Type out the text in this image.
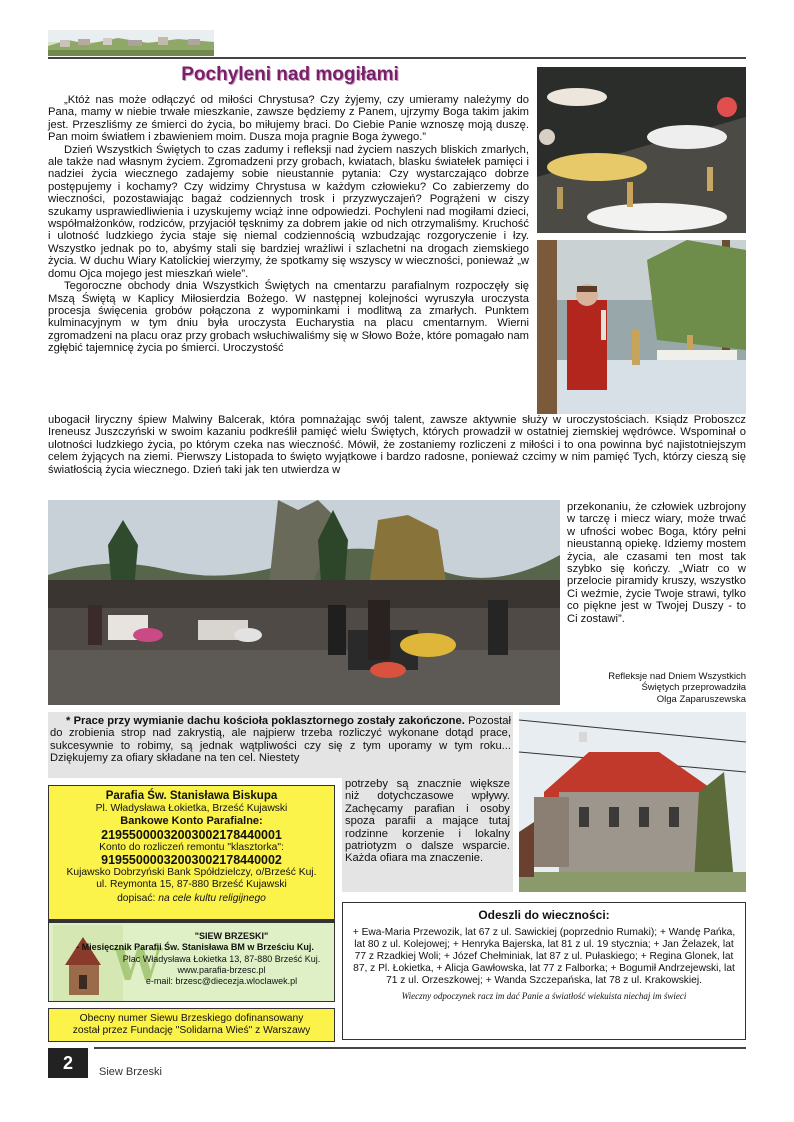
Pochyleni nad mogiłami

„Któż nas może odłączyć od miłości Chrystusa? Czy żyjemy, czy umieramy należymy do Pana, mamy w niebie trwałe mieszkanie, zawsze będziemy z Panem, ujrzymy Boga takim jakim jest. Przeszliśmy ze śmierci do życia, bo miłujemy braci. Do Ciebie Panie wznoszę moją duszę. Pan moim światłem i zbawieniem moim. Dusza moja pragnie Boga żywego.”

Dzień Wszystkich Świętych to czas zadumy i refleksji nad życiem naszych bliskich zmarłych, ale także nad własnym życiem. Zgromadzeni przy grobach, kwiatach, blasku światełek pamięci i nadziei życia wiecznego zadajemy sobie nieustannie pytania: Czy wystarczająco dobrze postępujemy i kochamy? Czy widzimy Chrystusa w każdym człowieku? Co zabierzemy do wieczności, pozostawiając bagaż codziennych trosk i przyzwyczajeń? Pogrążeni w ciszy szukamy usprawiedliwienia i uzyskujemy wciąż inne odpowiedzi. Pochyleni nad mogiłami dzieci, współmałżonków, rodziców, przyjaciół tęsknimy za dobrem jakie od nich otrzymaliśmy. Kruchość i ulotność ludzkiego życia staje się niemal codziennością wzbudzając rozgoryczenie i łzy. Wszystko jednak po to, abyśmy stali się bardziej wrażliwi i szlachetni na drogach ziemskiego życia. W duchu Wiary Katolickiej wierzymy, że spotkamy się wszyscy w wieczności, ponieważ „w domu Ojca mojego jest mieszkań wiele”.

Tegoroczne obchody dnia Wszystkich Świętych na cmentarzu parafialnym rozpoczęły się Mszą Świętą w Kaplicy Miłosierdzia Bożego. W następnej kolejności wyruszyła uroczysta procesja święcenia grobów połączona z wypominkami i modlitwą za zmarłych. Punktem kulminacyjnym w tym dniu była uroczysta Eucharystia na placu cmentarnym. Wierni zgromadzeni na placu oraz przy grobach wsłuchiwaliśmy się w Słowo Boże, które pomagało nam zgłębić tajemnicę życia po śmierci. Uroczystość

ubogacił liryczny śpiew Malwiny Balcerak, która pomnażając swój talent, zawsze aktywnie służy w uroczystościach. Ksiądz Proboszcz Ireneusz Juszczyński w swoim kazaniu podkreślił pamięć wielu Świętych, których prowadził w ostatniej ziemskiej wędrówce. Wspominał o ulotności ludzkiego życia, po którym czeka nas wieczność. Mówił, że zostaniemy rozliczeni z miłości i to ona powinna być najistotniejszym celem żyjących na ziemi. Pierwszy Listopada to święto wyjątkowe i bardzo radosne, ponieważ czcimy w nim pamięć Tych, którzy cieszą się światłością życia wiecznego. Dzień taki jak ten utwierdza w

przekonaniu, że człowiek uzbrojony w tarczę i miecz wiary, może trwać w ufności wobec Boga, który pełni nieustanną opiekę. Idziemy mostem życia, ale czasami ten most tak szybko się kończy. „Wiatr co w przelocie piramidy kruszy, wszystko Ci weźmie, życie Twoje strawi, tylko co piękne jest w Twojej Duszy - to Ci zostawi”.

Refleksje nad Dniem Wszystkich
Świętych przeprowadziła
Olga Zaparuszewska

* Prace przy wymianie dachu kościoła poklasztornego zostały zakończone. Pozostał do zrobienia strop nad zakrystią, ale najpierw trzeba rozliczyć wykonane dotąd prace, sukcesywnie to robimy, są jednak wątpliwości czy się z tym uporamy w tym roku... Dziękujemy za ofiary składane na ten cel. Niestety

potrzeby są znacznie większe niż dotychczasowe wpływy. Zachęcamy parafian i osoby spoza parafii a mające tutaj rodzinne korzenie i lokalny patriotyzm o dalsze wsparcie. Każda ofiara ma znaczenie.

Parafia Św. Stanisława Biskupa
Pl. Władysława Łokietka, Brześć Kujawski
Bankowe Konto Parafialne:
21955000032003002178440001
Konto do rozliczeń remontu "klasztorka":
91955000032003002178440002
Kujawsko Dobrzyński Bank Spółdzielczy, o/Brześć Kuj.
ul. Reymonta 15, 87-880 Brześć Kujawski
dopisać: na cele kultu religijnego
W
"SIEW BRZESKI"
- Miesięcznik Parafii Św. Stanisława BM w Brześciu Kuj.
Plac Władysława Łokietka 13, 87-880 Brześć Kuj.
www.parafia-brzesc.pl
e-mail: brzesc@diecezja.wloclawek.pl
Obecny numer Siewu Brzeskiego dofinansowany
został przez Fundację "Solidarna Wieś" z Warszawy
Odeszli do wieczności:
+ Ewa-Maria Przewozik, lat 67 z ul. Sawickiej (poprzednio Rumaki); + Wandę Pańka, lat 80 z ul. Kolejowej; + Henryka Bajerska, lat 81 z ul. 19 stycznia; + Jan Żelazek, lat 77 z Rzadkiej Woli; + Józef Chełminiak, lat 87 z ul. Pułaskiego; + Regina Glonek, lat 87, z Pl. Łokietka, + Alicja Gawłowska, lat 77 z Falborka; + Bogumił Andrzejewski, lat 71 z ul. Orzeszkowej; + Wanda Szczepańska, lat 78 z ul. Krakowskiej.
Wieczny odpoczynek racz im dać Panie a światłość wiekuista niechaj im świeci
2	Siew Brzeski
